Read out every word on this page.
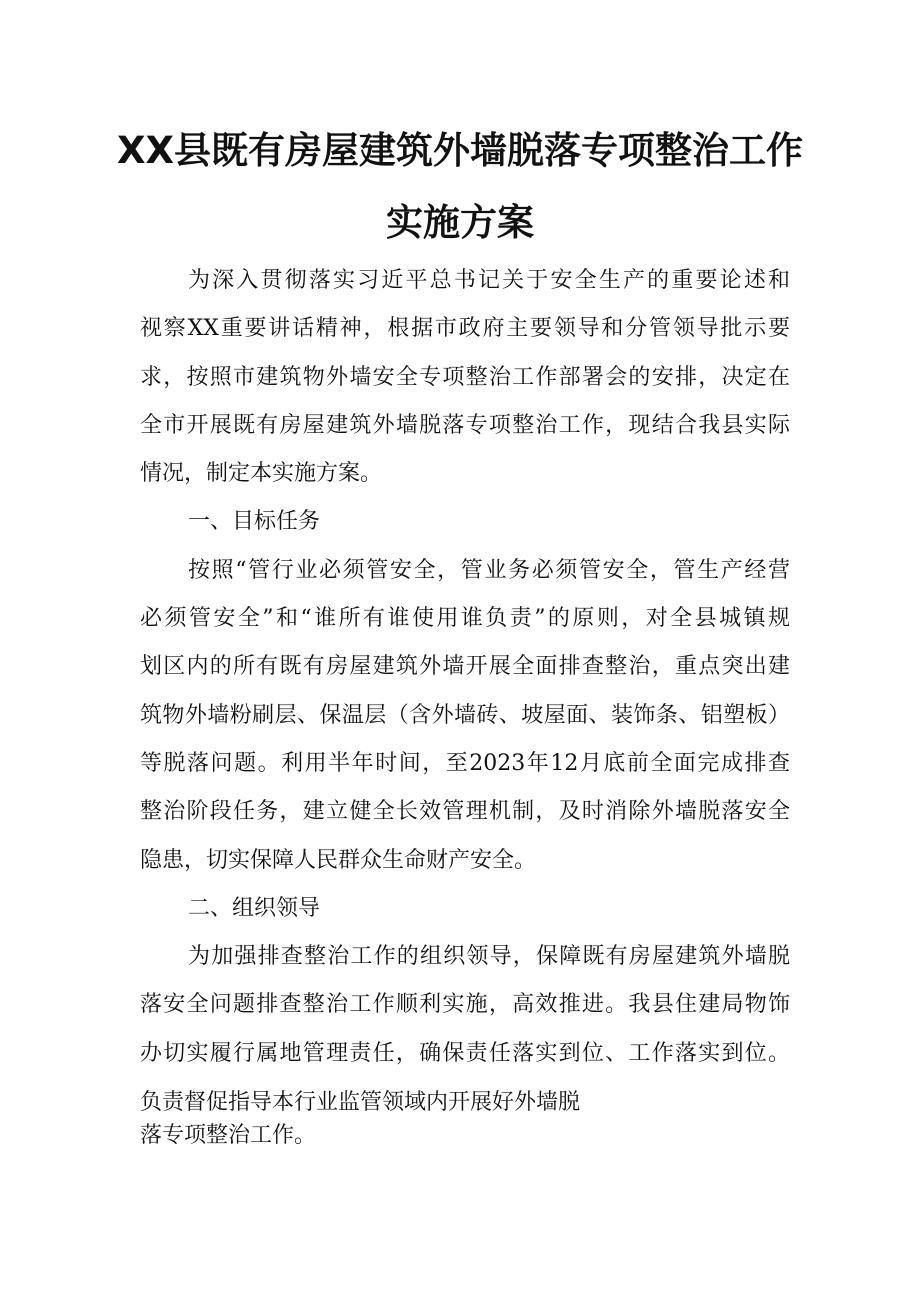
XX县既有房屋建筑外墙脱落专项整治工作
实施方案
为深入贯彻落实习近平总书记关于安全生产的重要论述和
视察XX重要讲话精神，根据市政府主要领导和分管领导批示要
求，按照市建筑物外墙安全专项整治工作部署会的安排，决定在
全市开展既有房屋建筑外墙脱落专项整治工作，现结合我县实际
情况，制定本实施方案。
一、目标任务
按照“管行业必须管安全，管业务必须管安全，管生产经营
必须管安全”和“谁所有谁使用谁负责”的原则，对全县城镇规
划区内的所有既有房屋建筑外墙开展全面排查整治，重点突出建
筑物外墙粉刷层、保温层（含外墙砖、坡屋面、装饰条、铝塑板）
等脱落问题。利用半年时间，至2023年12月底前全面完成排查
整治阶段任务，建立健全长效管理机制，及时消除外墙脱落安全
隐患，切实保障人民群众生命财产安全。
二、组织领导
为加强排查整治工作的组织领导，保障既有房屋建筑外墙脱
落安全问题排查整治工作顺利实施，高效推进。我县住建局物饰
办切实履行属地管理责任，确保责任落实到位、工作落实到位。
负责督促指导本行业监管领域内开展好外墙脱
落专项整治工作。
